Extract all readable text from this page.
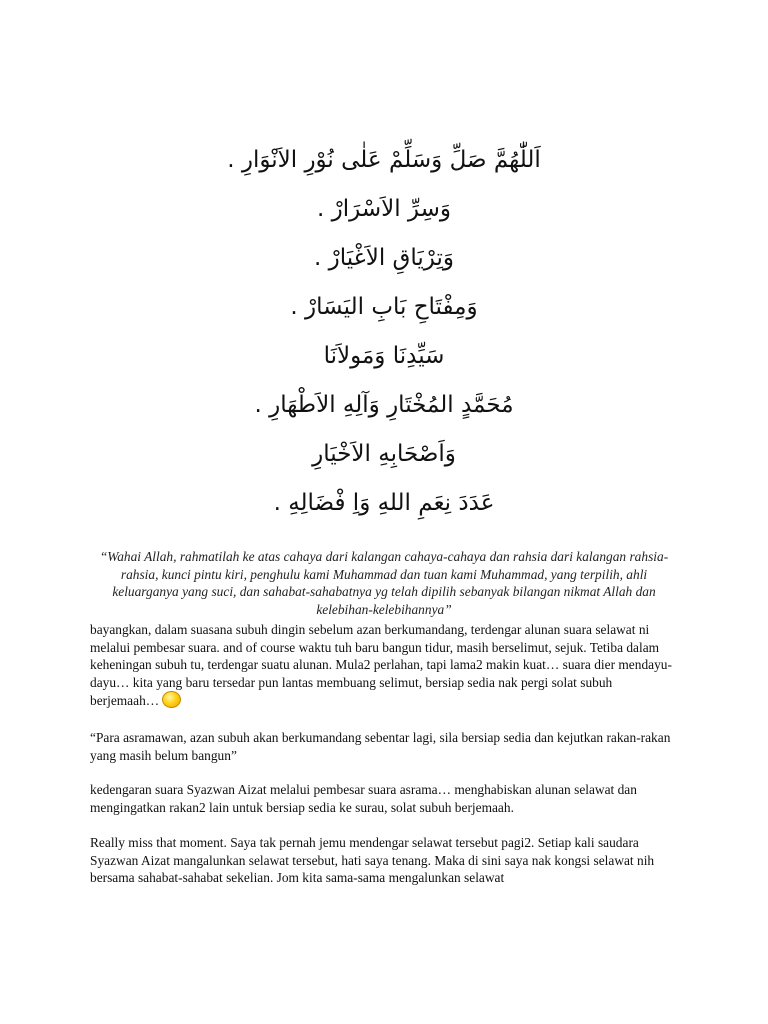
اَللّٰهُمَّ صَلِّ وَسَلِّمْ عَلٰى نُوْرِ الاَنْوَارِ .
وَسِرِّ الاَسْرَارْ .
وَتِرْيَاقِ الاَغْيَارْ .
وَمِفْتَاحِ بَابِ اليَسَارْ .
سَيِّدِنَا وَمَولاَنَا
مُحَمَّدٍ المُخْتَارِ وَآلِهِ الاَطْهَارِ .
وَاَصْحَابِهِ الاَخْيَارِ
عَدَدَ نِعَمِ اللهِ وَاِ فْضَالِهِ .
“Wahai Allah, rahmatilah ke atas cahaya dari kalangan cahaya-cahaya dan rahsia dari kalangan rahsia-rahsia, kunci pintu kiri, penghulu kami Muhammad dan tuan kami Muhammad, yang terpilih, ahli keluarganya yang suci, dan sahabat-sahabatnya yg telah dipilih sebanyak bilangan nikmat Allah dan kelebihan-kelebihannya”
bayangkan, dalam suasana subuh dingin sebelum azan berkumandang, terdengar alunan suara selawat ni melalui pembesar suara. and of course waktu tuh baru bangun tidur, masih berselimut, sejuk. Tetiba dalam keheningan subuh tu, terdengar suatu alunan. Mula2 perlahan, tapi lama2 makin kuat… suara dier mendayu-dayu… kita yang baru tersedar pun lantas membuang selimut, bersiap sedia nak pergi solat subuh berjemaah…
“Para asramawan, azan subuh akan berkumandang sebentar lagi, sila bersiap sedia dan kejutkan rakan-rakan yang masih belum bangun”
kedengaran suara Syazwan Aizat melalui pembesar suara asrama… menghabiskan alunan selawat dan mengingatkan rakan2 lain untuk bersiap sedia ke surau, solat subuh berjemaah.
Really miss that moment. Saya tak pernah jemu mendengar selawat tersebut pagi2. Setiap kali saudara Syazwan Aizat mangalunkan selawat tersebut, hati saya tenang. Maka di sini saya nak kongsi selawat nih bersama sahabat-sahabat sekelian. Jom kita sama-sama mengalunkan selawat
